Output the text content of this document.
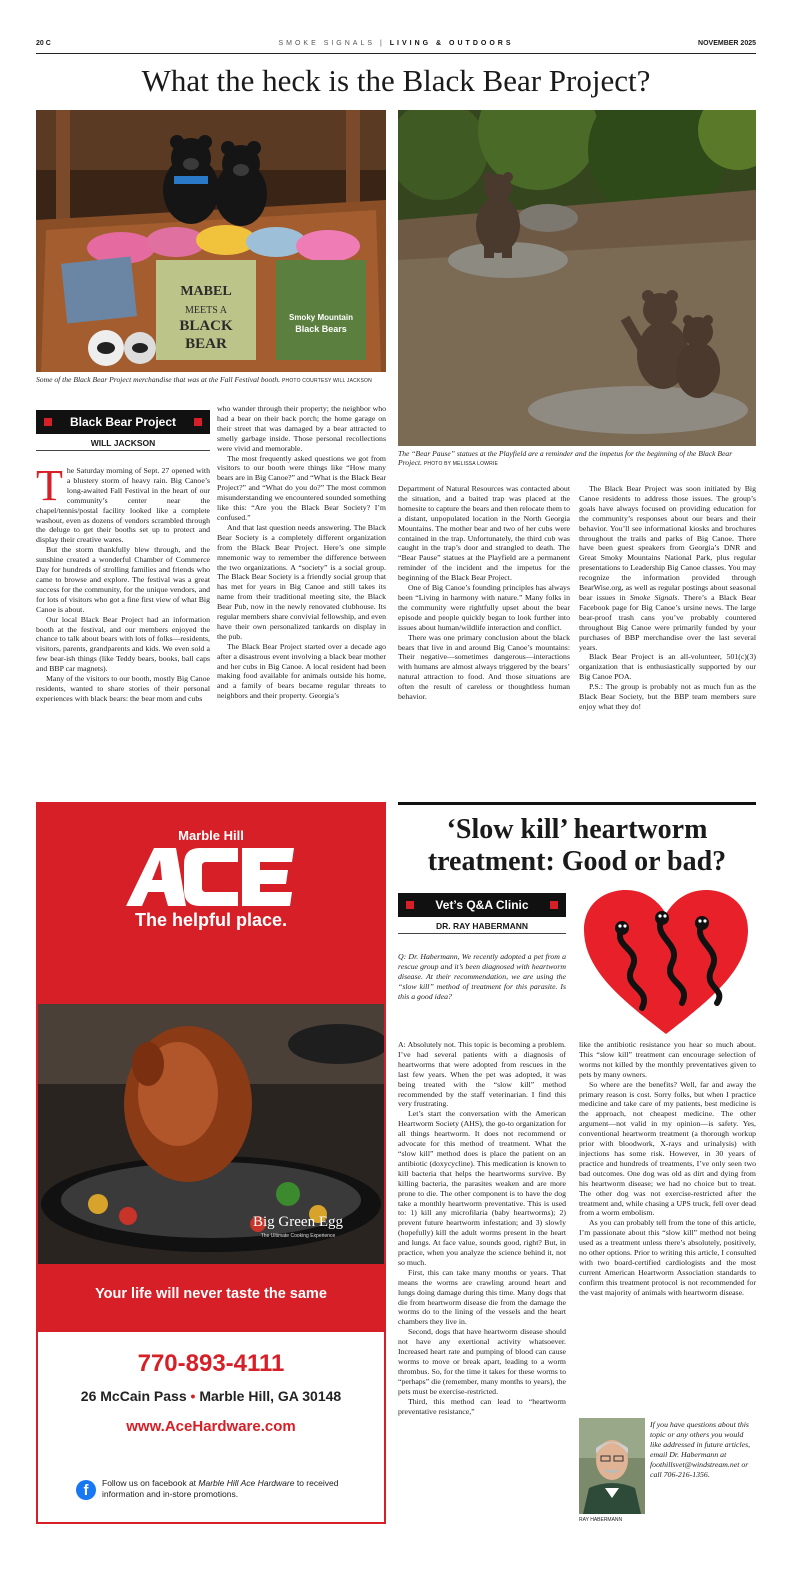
20 C	SMOKE SIGNALS | LIVING & OUTDOORS	NOVEMBER 2025
What the heck is the Black Bear Project?
MABEL
MEETS A
BLACK
BEAR
Smoky Mountain
Black Bears
Some of the Black Bear Project merchandise that was at the Fall Festival booth. PHOTO COURTESY WILL JACKSON
The “Bear Pause” statues at the Playfield are a reminder and the impetus for the beginning of the Black Bear Project. PHOTO BY MELISSA LOWRIE
Black Bear Project
WILL JACKSON

The Saturday morning of Sept. 27 opened with a blustery storm of heavy rain. Big Canoe’s long-awaited Fall Festival in the heart of our community’s center near the chapel/tennis/postal facility looked like a complete washout, even as dozens of vendors scrambled through the deluge to get their booths set up to protect and display their creative wares.

But the storm thankfully blew through, and the sunshine created a wonderful Chamber of Commerce Day for hundreds of strolling families and friends who came to browse and explore. The festival was a great success for the community, for the unique vendors, and for lots of visitors who got a fine first view of what Big Canoe is about.

Our local Black Bear Project had an information booth at the festival, and our members enjoyed the chance to talk about bears with lots of folks—residents, visitors, parents, grandparents and kids. We even sold a few bear-ish things (like Teddy bears, books, ball caps and BBP car magnets).

Many of the visitors to our booth, mostly Big Canoe residents, wanted to share stories of their personal experiences with black bears: the bear mom and cubs

who wander through their property; the neighbor who had a bear on their back porch; the home garage on their street that was damaged by a bear attracted to smelly garbage inside. Those personal recollections were vivid and memorable.

The most frequently asked questions we got from visitors to our booth were things like “How many bears are in Big Canoe?” and “What is the Black Bear Project?” and “What do you do?” The most common misunderstanding we encountered sounded something like this: “Are you the Black Bear Society? I’m confused.”

And that last question needs answering. The Black Bear Society is a completely different organization from the Black Bear Project. Here’s one simple mnemonic way to remember the difference between the two organizations. A “society” is a social group. The Black Bear Society is a friendly social group that has met for years in Big Canoe and still takes its name from their traditional meeting site, the Black Bear Pub, now in the newly renovated clubhouse. Its regular members share convivial fellowship, and even have their own personalized tankards on display in the pub.

The Black Bear Project started over a decade ago after a disastrous event involving a black bear mother and her cubs in Big Canoe. A local resident had been making food available for animals outside his home, and a family of bears became regular threats to neighbors and their property. Georgia’s

Department of Natural Resources was contacted about the situation, and a baited trap was placed at the homesite to capture the bears and then relocate them to a distant, unpopulated location in the North Georgia Mountains. The mother bear and two of her cubs were contained in the trap. Unfortunately, the third cub was caught in the trap’s door and strangled to death. The “Bear Pause” statues at the Playfield are a permanent reminder of the incident and the impetus for the beginning of the Black Bear Project.

One of Big Canoe’s founding principles has always been “Living in harmony with nature.” Many folks in the community were rightfully upset about the bear episode and people quickly began to look further into issues about human/wildlife interaction and conflict.

There was one primary conclusion about the black bears that live in and around Big Canoe’s mountains: Their negative—sometimes dangerous—interactions with humans are almost always triggered by the bears’ natural attraction to food. And those situations are often the result of careless or thoughtless human behavior.

The Black Bear Project was soon initiated by Big Canoe residents to address those issues. The group’s goals have always focused on providing education for the community’s responses about our bears and their behavior. You’ll see informational kiosks and brochures throughout the trails and parks of Big Canoe. There have been guest speakers from Georgia’s DNR and Great Smoky Mountains National Park, plus regular presentations to Leadership Big Canoe classes. You may recognize the information provided through BearWise.org, as well as regular postings about seasonal bear issues in Smoke Signals. There’s a Black Bear Facebook page for Big Canoe’s ursine news. The large bear-proof trash cans you’ve probably countered throughout Big Canoe were primarily funded by your purchases of BBP merchandise over the last several years.

Black Bear Project is an all-volunteer, 501(c)(3) organization that is enthusiastically supported by our Big Canoe POA.

P.S.: The group is probably not as much fun as the Black Bear Society, but the BBP team members sure enjoy what they do!

Marble Hill
ACE
The helpful place.
Big Green Egg
The Ultimate Cooking Experience
Your life will never taste the same
770-893-4111
26 McCain Pass • Marble Hill, GA 30148
www.AceHardware.com
f	Follow us on facebook at Marble Hill Ace Hardware to received information and in-store promotions.
‘Slow kill’ heartworm treatment: Good or bad?
Vet’s Q&A Clinic
DR. RAY HABERMANN

Q: Dr. Habermann, We recently adopted a pet from a rescue group and it’s been diagnosed with heartworm disease. At their recommendation, we are using the “slow kill” method of treatment for this parasite. Is this a good idea?

A: Absolutely not. This topic is becoming a problem. I’ve had several patients with a diagnosis of heartworms that were adopted from rescues in the last few years. When the pet was adopted, it was being treated with the “slow kill” method recommended by the staff veterinarian. I find this very frustrating.

Let’s start the conversation with the American Heartworm Society (AHS), the go-to organization for all things heartworm. It does not recommend or advocate for this method of treatment. What the “slow kill” method does is place the patient on an antibiotic (doxycycline). This medication is known to kill bacteria that helps the heartworms survive. By killing bacteria, the parasites weaken and are more prone to die. The other component is to have the dog take a monthly heartworm preventative. This is used to: 1) kill any microfilaria (baby heartworms); 2) prevent future heartworm infestation; and 3) slowly (hopefully) kill the adult worms present in the heart and lungs. At face value, sounds good, right? But, in practice, when you analyze the science behind it, not so much.

First, this can take many months or years. That means the worms are crawling around heart and lungs doing damage during this time. Many dogs that die from heartworm disease die from the damage the worms do to the lining of the vessels and the heart chambers they live in.

Second, dogs that have heartworm disease should not have any exertional activity whatsoever. Increased heart rate and pumping of blood can cause worms to move or break apart, leading to a worm thrombus. So, for the time it takes for these worms to “perhaps” die (remember, many months to years), the pets must be exercise-restricted.

Third, this method can lead to “heartworm preventative resistance,”

like the antibiotic resistance you hear so much about. This “slow kill” treatment can encourage selection of worms not killed by the monthly preventatives given to pets by many owners.

So where are the benefits? Well, far and away the primary reason is cost. Sorry folks, but when I practice medicine and take care of my patients, best medicine is the approach, not cheapest medicine. The other argument—not valid in my opinion—is safety. Yes, conventional heartworm treatment (a thorough workup prior with bloodwork, X-rays and urinalysis) with injections has some risk. However, in 30 years of practice and hundreds of treatments, I’ve only seen two bad outcomes. One dog was old as dirt and dying from his heartworm disease; we had no choice but to treat. The other dog was not exercise-restricted after the treatment and, while chasing a UPS truck, fell over dead from a worm embolism.

As you can probably tell from the tone of this article, I’m passionate about this “slow kill” method not being used as a treatment unless there’s absolutely, positively, no other options. Prior to writing this article, I consulted with two board-certified cardiologists and the most current American Heartworm Association standards to confirm this treatment protocol is not recommended for the vast majority of animals with heartworm disease.

RAY HABERMANN

If you have questions about this topic or any others you would like addressed in future articles, email Dr. Habermann at foothillsvet@windstream.net or call 706-216-1356.
